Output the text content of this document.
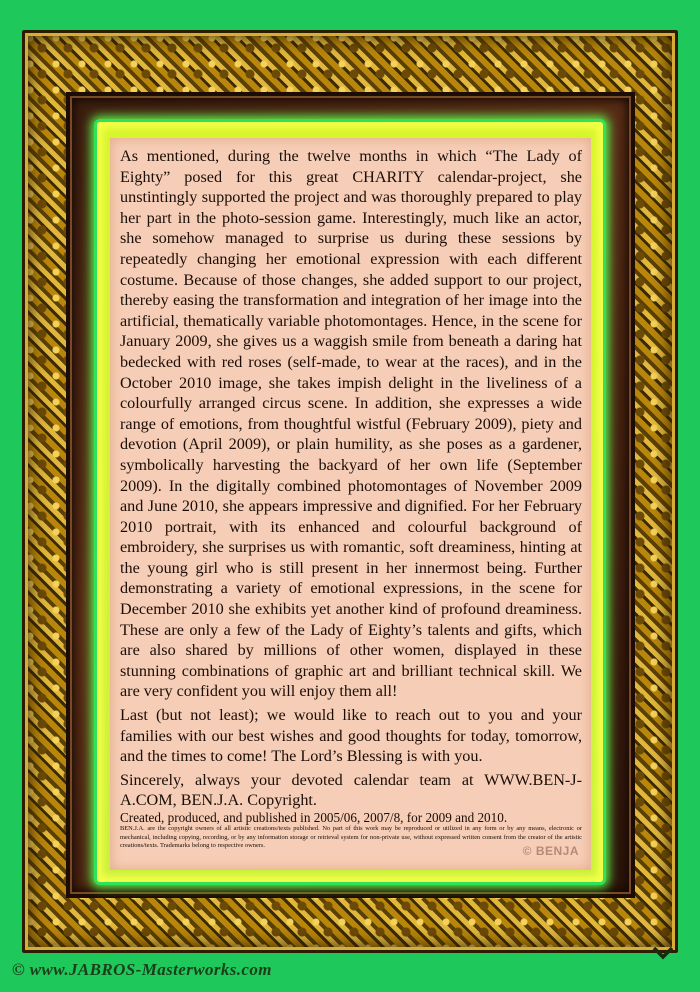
As mentioned, during the twelve months in which “The Lady of Eighty” posed for this great CHARITY calendar-project, she unstintingly supported the project and was thoroughly prepared to play her part in the photo-session game. Interestingly, much like an actor, she somehow managed to surprise us during these sessions by repeatedly changing her emotional expression with each different costume. Because of those changes, she added support to our project, thereby easing the transformation and integration of her image into the artificial, thematically variable photomontages. Hence, in the scene for January 2009, she gives us a waggish smile from beneath a daring hat bedecked with red roses (self-made, to wear at the races), and in the October 2010 image, she takes impish delight in the liveliness of a colourfully arranged circus scene. In addition, she expresses a wide range of emotions, from thoughtful wistful (February 2009), piety and devotion (April 2009), or plain humility, as she poses as a gardener, symbolically harvesting the backyard of her own life (September 2009). In the digitally combined photomontages of November 2009 and June 2010, she appears impressive and dignified. For her February 2010 portrait, with its enhanced and colourful background of embroidery, she surprises us with romantic, soft dreaminess, hinting at the young girl who is still present in her innermost being. Further demonstrating a variety of emotional expressions, in the scene for December 2010 she exhibits yet another kind of profound dreaminess. These are only a few of the Lady of Eighty’s talents and gifts, which are also shared by millions of other women, displayed in these stunning combinations of graphic art and brilliant technical skill. We are very confident you will enjoy them all!

Last (but not least); we would like to reach out to you and your families with our best wishes and good thoughts for today, tomorrow, and the times to come! The Lord’s Blessing is with you.

Sincerely, always your devoted calendar team at WWW.BEN-J-A.COM, BEN.J.A. Copyright.

Created, produced, and published in 2005/06, 2007/8, for 2009 and 2010.

BEN.J.A. are the copyright owners of all artistic creations/texts published. No part of this work may be reproduced or utilized in any form or by any means, electronic or mechanical, including copying, recording, or by any information storage or retrieval system for non-private use, without expressed written consent from the creator of the artistic creations/texts. Trademarks belong to respective owners.	© BENJA
© www.JABROS-Masterworks.com
